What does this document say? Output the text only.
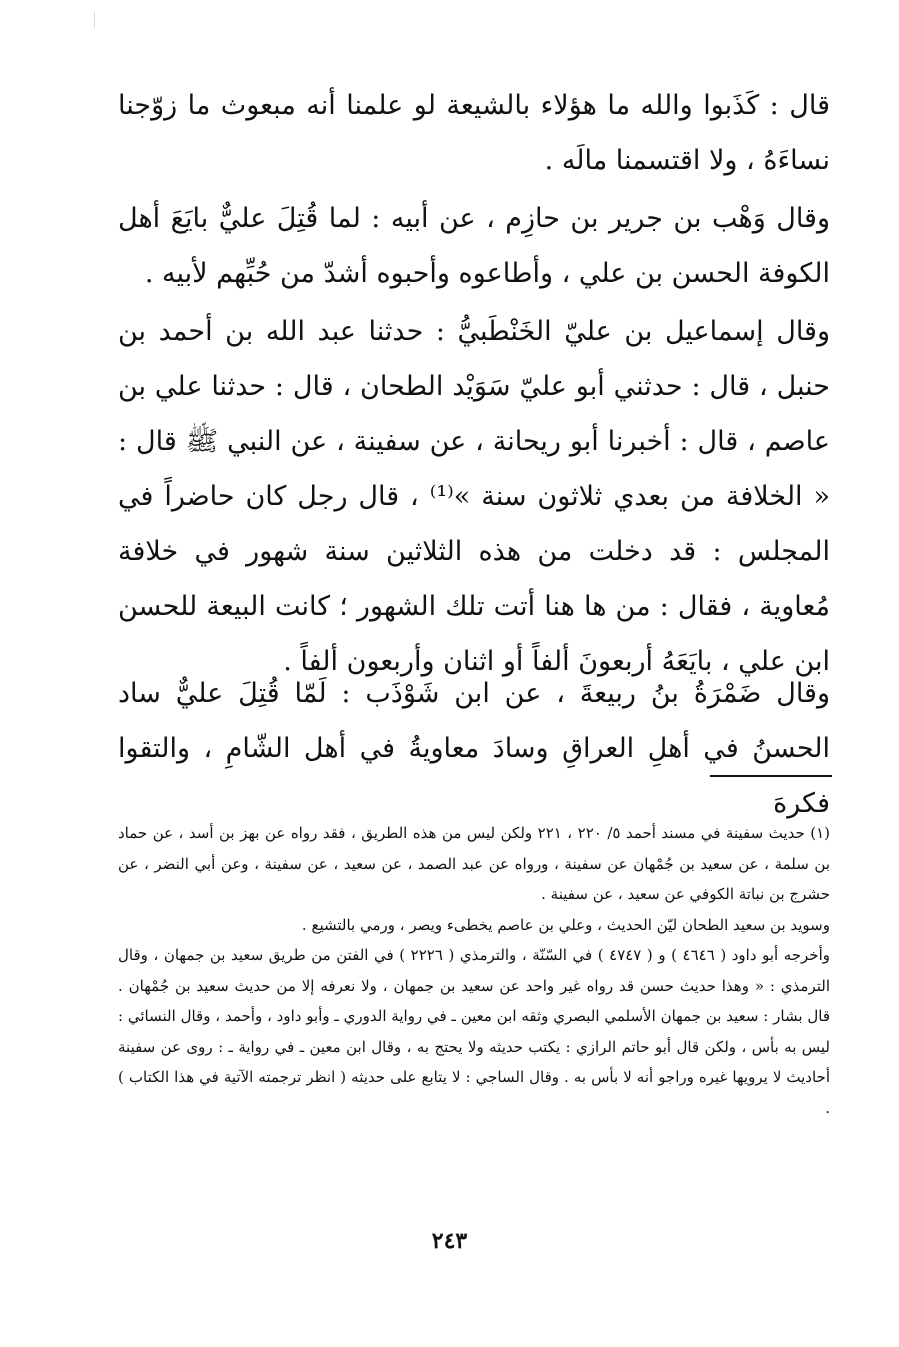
قال : كَذَبوا والله ما هؤلاء بالشيعة لو علمنا أنه مبعوث ما زوّجنا نساءَهُ ، ولا اقتسمنا مالَه .

وقال وَهْب بن جرير بن حازِم ، عن أبيه : لما قُتِلَ عليٌّ بايَعَ أهل الكوفة الحسن بن علي ، وأطاعوه وأحبوه أشدّ من حُبِّهم لأبيه .

وقال إسماعيل بن عليّ الخَنْطَبيُّ : حدثنا عبد الله بن أحمد بن حنبل ، قال : حدثني أبو عليّ سَوَيْد الطحان ، قال : حدثنا علي بن عاصم ، قال : أخبرنا أبو ريحانة ، عن سفينة ، عن النبي ﷺ قال : « الخلافة من بعدي ثلاثون سنة »⁽¹⁾ ، قال رجل كان حاضراً في المجلس : قد دخلت من هذه الثلاثين سنة شهور في خلافة مُعاوية ، فقال : من ها هنا أتت تلك الشهور ؛ كانت البيعة للحسن ابن علي ، بايَعَهُ أربعونَ ألفاً أو اثنان وأربعون ألفاً .

وقال ضَمْرَةُ بنُ ربيعةَ ، عن ابن شَوْذَب : لَمّا قُتِلَ عليٌّ ساد الحسنُ في أهلِ العراقِ وسادَ معاويةُ في أهل الشّامِ ، والتقوا فكرهَ

(١) حديث سفينة في مسند أحمد ٥/ ٢٢٠ ، ٢٢١ ولكن ليس من هذه الطريق ، فقد رواه عن بهز بن أسد ، عن حماد بن سلمة ، عن سعيد بن جُمْهان عن سفينة ، ورواه عن عبد الصمد ، عن سعيد ، عن سفينة ، وعن أبي النضر ، عن حشرج بن نباتة الكوفي عن سعيد ، عن سفينة .

وسويد بن سعيد الطحان ليّن الحديث ، وعلي بن عاصم يخطىء ويصر ، ورمي بالتشيع .

وأخرجه أبو داود ( ٤٦٤٦ ) و ( ٤٧٤٧ ) في السّنّة ، والترمذي ( ٢٢٢٦ ) في الفتن من طريق سعيد بن جمهان ، وقال الترمذي : « وهذا حديث حسن قد رواه غير واحد عن سعيد بن جمهان ، ولا نعرفه إلا من حديث سعيد بن جُمْهان . قال بشار : سعيد بن جمهان الأسلمي البصري وثقه ابن معين ـ في رواية الدوري ـ وأبو داود ، وأحمد ، وقال النسائي : ليس به بأس ، ولكن قال أبو حاتم الرازي : يكتب حديثه ولا يحتج به ، وقال ابن معين ـ في رواية ـ : روى عن سفينة أحاديث لا يرويها غيره وراجو أنه لا بأس به . وقال الساجي : لا يتابع على حديثه ( انظر ترجمته الآتية في هذا الكتاب ) .

٢٤٣
